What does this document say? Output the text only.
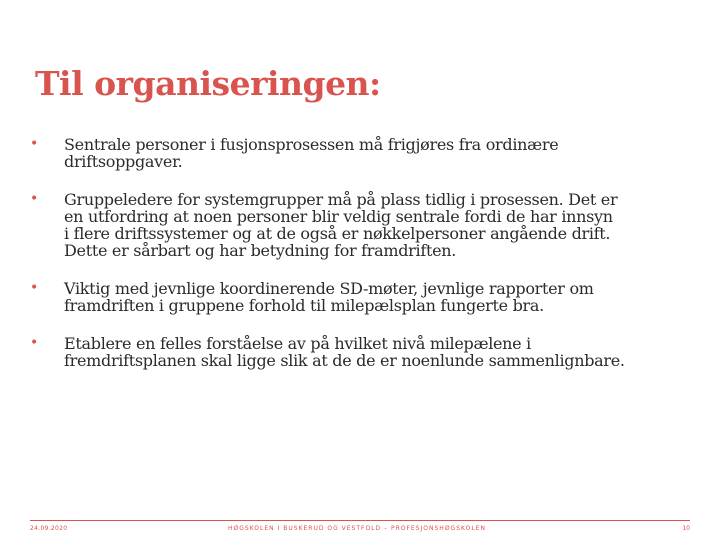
Til organiseringen:
• Sentrale personer i fusjonsprosessen må frigjøres fra ordinære
driftsoppgaver.
• Gruppeledere for systemgrupper må på plass tidlig i prosessen. Det er
en utfordring at noen personer blir veldig sentrale fordi de har innsyn
i flere driftssystemer og at de også er nøkkelpersoner angående drift.
Dette er sårbart og har betydning for framdriften.
• Viktig med jevnlige koordinerende SD-møter, jevnlige rapporter om
framdriften i gruppene forhold til milepælsplan fungerte bra.
• Etablere en felles forståelse av på hvilket nivå milepælene i
fremdriftsplanen skal ligge slik at de de er noenlunde sammenlignbare.
24.09.2020	HØGSKOLEN I BUSKERUD OG VESTFOLD – PROFESJONSHØGSKOLEN	10
